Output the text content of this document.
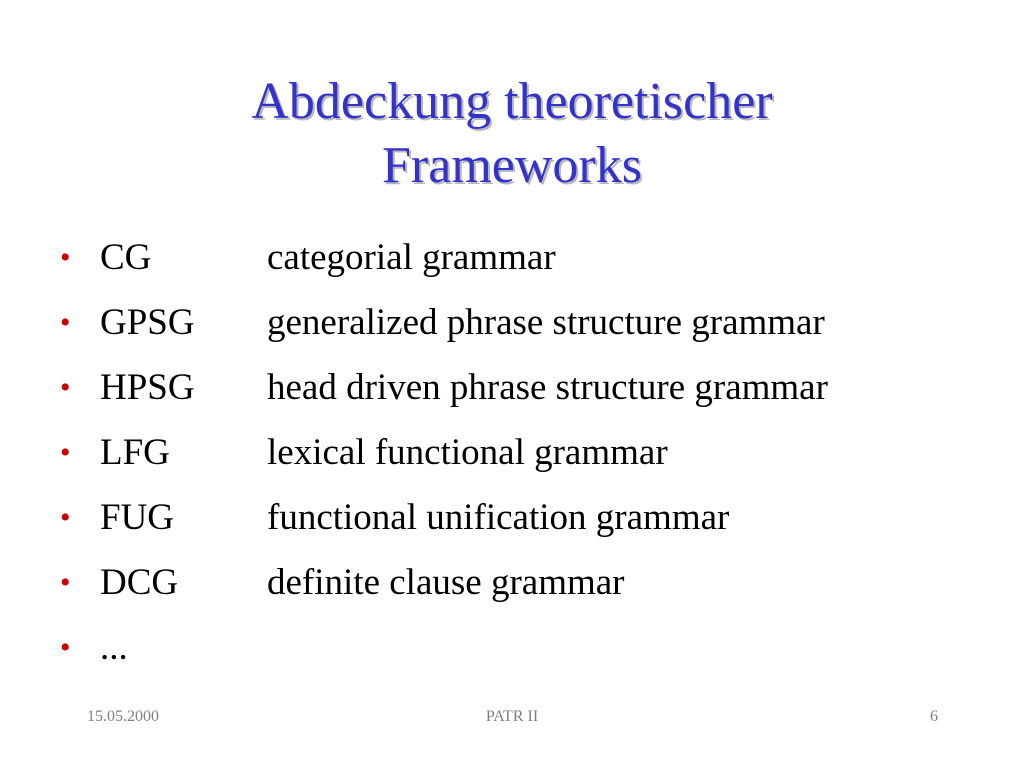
Abdeckung theoretischer
Frameworks
• CG	categorial grammar
• GPSG generalized phrase structure grammar
• HPSG head driven phrase structure grammar
• LFG	lexical functional grammar
• FUG	functional unification grammar
• DCG definite clause grammar
• ...
15.05.2000	PATR II	6
